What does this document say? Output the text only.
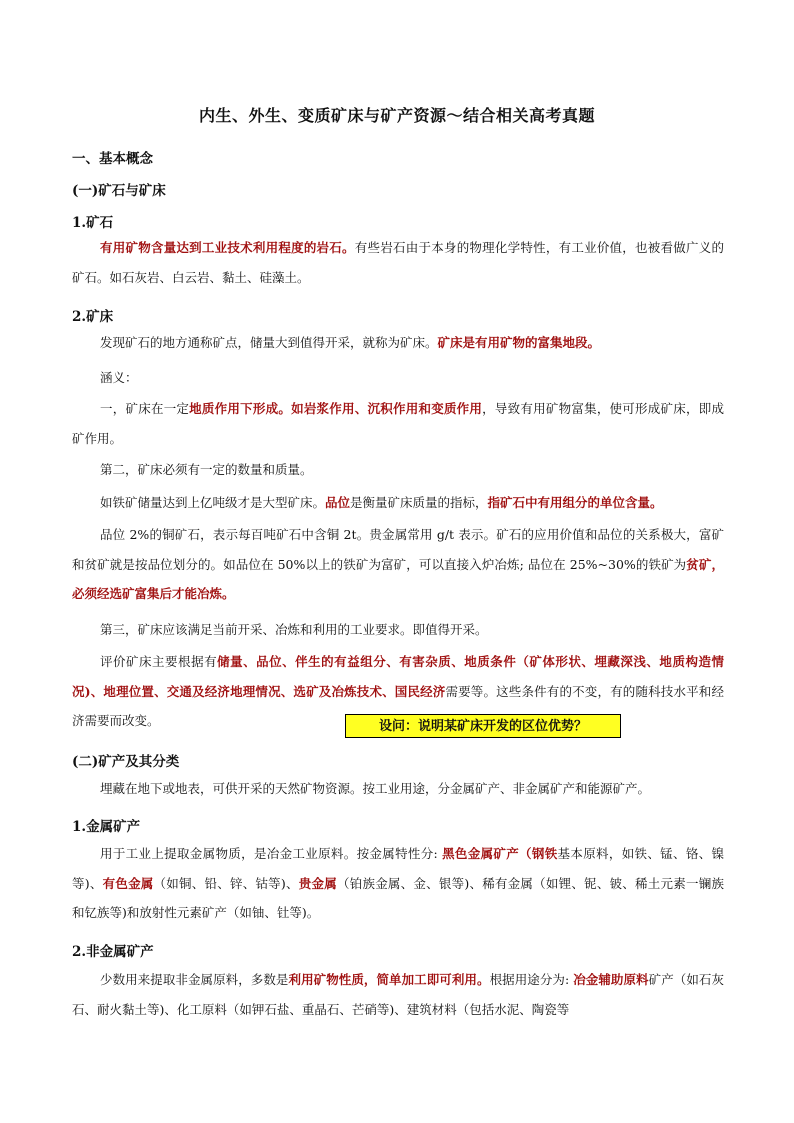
内生、外生、变质矿床与矿产资源～结合相关高考真题
一、基本概念
(一)矿石与矿床
1.矿石
有用矿物含量达到工业技术利用程度的岩石。有些岩石由于本身的物理化学特性，有工业价值，也被看做广义的矿石。如石灰岩、白云岩、黏土、硅藻土。
2.矿床
发现矿石的地方通称矿点，储量大到值得开采，就称为矿床。矿床是有用矿物的富集地段。
涵义：
一，矿床在一定地质作用下形成。如岩浆作用、沉积作用和变质作用，导致有用矿物富集，使可形成矿床，即成矿作用。
第二，矿床必须有一定的数量和质量。
如铁矿储量达到上亿吨级才是大型矿床。品位是衡量矿床质量的指标，指矿石中有用组分的单位含量。
品位 2%的铜矿石，表示每百吨矿石中含铜 2t。贵金属常用 g/t 表示。矿石的应用价值和品位的关系极大，富矿和贫矿就是按品位划分的。如品位在 50%以上的铁矿为富矿，可以直接入炉冶炼; 品位在 25%~30%的铁矿为贫矿，必须经选矿富集后才能冶炼。
第三，矿床应该满足当前开采、冶炼和利用的工业要求。即值得开采。
评价矿床主要根据有储量、品位、伴生的有益组分、有害杂质、地质条件（矿体形状、埋藏深浅、地质构造情况)、地理位置、交通及经济地理情况、选矿及冶炼技术、国民经济需要等。这些条件有的不变，有的随科技水平和经济需要而改变。	设问：说明某矿床开发的区位优势？
(二)矿产及其分类
埋藏在地下或地表，可供开采的天然矿物资源。按工业用途，分金属矿产、非金属矿产和能源矿产。
1.金属矿产
用于工业上提取金属物质，是冶金工业原料。按金属特性分: 黑色金属矿产（钢铁基本原料，如铁、锰、铬、镍等)、有色金属（如铜、铅、锌、钴等)、贵金属（铂族金属、金、银等)、稀有金属（如锂、铌、铍、稀土元素一镧族和钇族等)和放射性元素矿产（如铀、钍等)。
2.非金属矿产
少数用来提取非金属原料，多数是利用矿物性质，简单加工即可利用。根据用途分为: 冶金辅助原料矿产（如石灰石、耐火黏土等)、化工原料（如钾石盐、重晶石、芒硝等)、建筑材料（包括水泥、陶瓷等
